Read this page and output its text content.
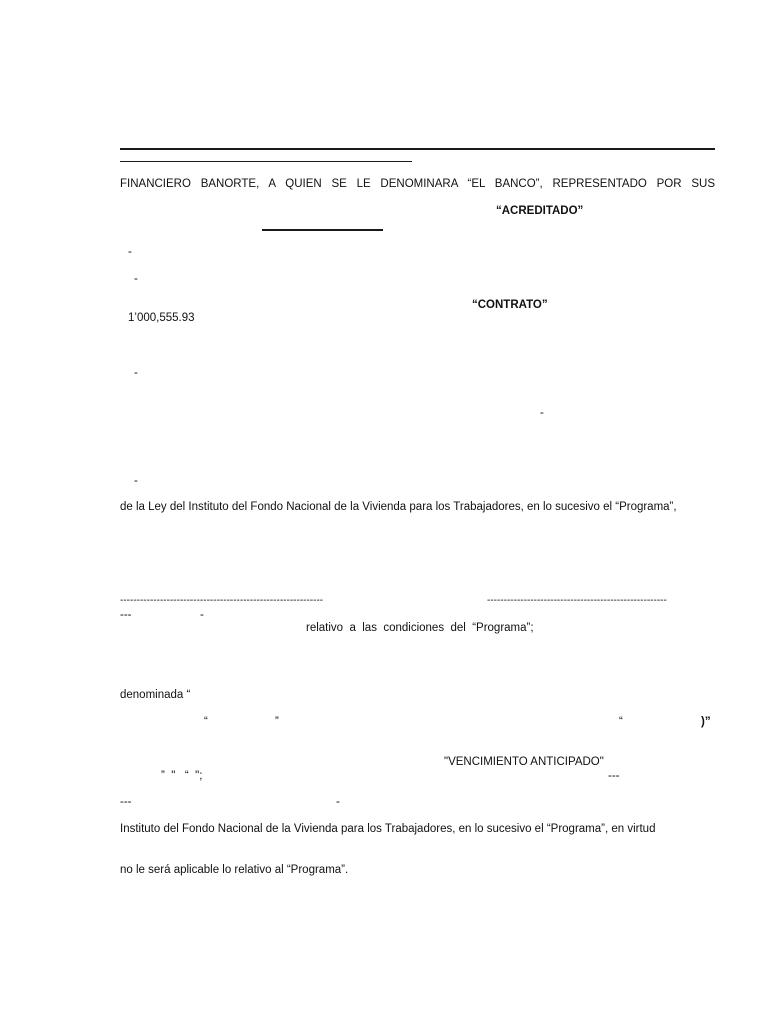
FINANCIERO BANORTE, A QUIEN SE LE DENOMINARA “EL BANCO”, REPRESENTADO POR SUS
“ACREDITADO”
-
-
“CONTRATO”
1’000,555.93
-
-
-
de la Ley del Instituto del Fondo Nacional de la Vivienda para los Trabajadores, en lo sucesivo el “Programa”,
-------------------------------------------------------------	------------------------------------------------------
---	-
relativo  a  las  condiciones  del  “Programa”;
denominada “
“	”	“	)”
"VENCIMIENTO ANTICIPADO"
”  "   “  ";	---
---	-
Instituto del Fondo Nacional de la Vivienda para los Trabajadores, en lo sucesivo el “Programa”, en virtud
no le será aplicable lo relativo al “Programa”.
